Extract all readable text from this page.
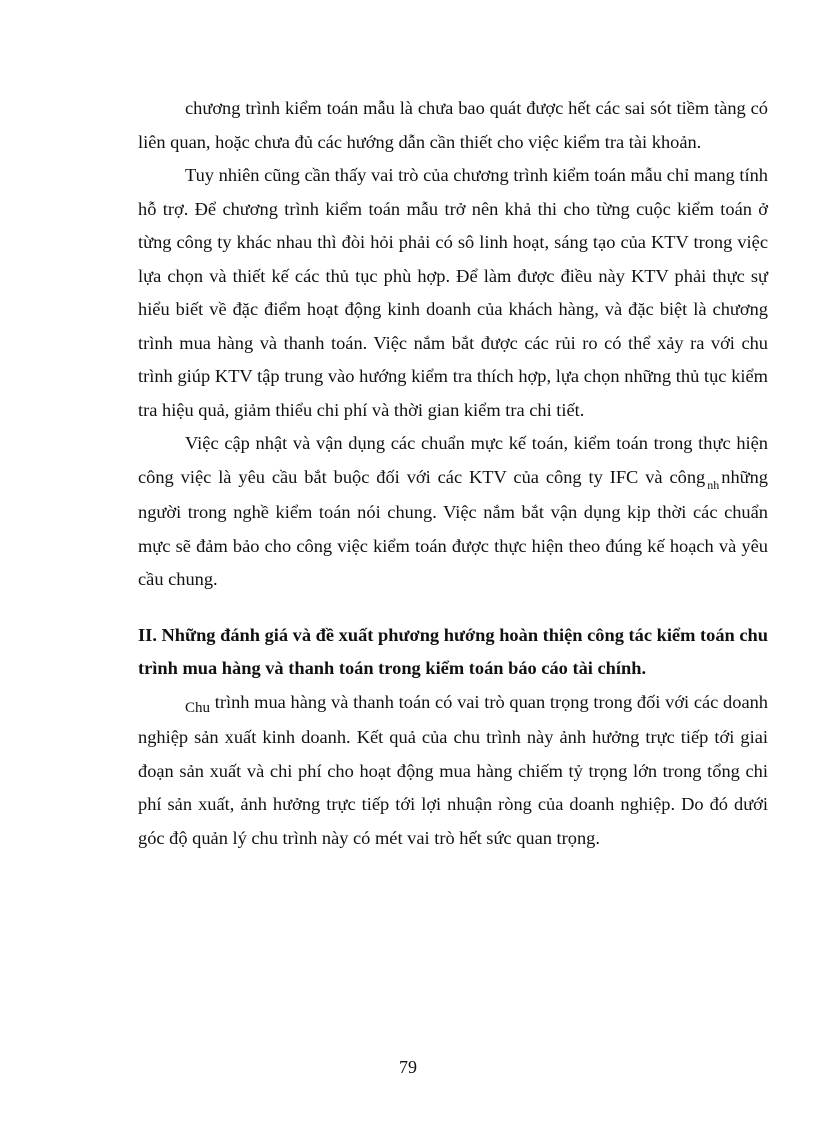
chương trình kiểm toán mẫu là chưa bao quát được hết các sai sót tiềm tàng có liên quan, hoặc chưa đủ các hướng dẫn cần thiết cho việc kiểm tra tài khoản.

Tuy nhiên cũng cần thấy vai trò của chương trình kiểm toán mẫu chỉ mang tính hỗ trợ. Để chương trình kiểm toán mẫu trở nên khả thi cho từng cuộc kiểm toán ở từng công ty khác nhau thì đòi hỏi phải có sô linh hoạt, sáng tạo của KTV trong việc lựa chọn và thiết kế các thủ tục phù hợp. Để làm được điều này KTV phải thực sự hiểu biết về đặc điểm hoạt động kinh doanh của khách hàng, và đặc biệt là chương trình mua hàng và thanh toán. Việc nắm bắt được các rủi ro có thể xảy ra với chu trình giúp KTV tập trung vào hướng kiểm tra thích hợp, lựa chọn những thủ tục kiểm tra hiệu quả, giảm thiểu chi phí và thời gian kiểm tra chi tiết.

Việc cập nhật và vận dụng các chuẩn mực kế toán, kiểm toán trong thực hiện công việc là yêu cầu bắt buộc đối với các KTV của công ty IFC và công $_{nh}$ những người trong nghề kiểm toán nói chung. Việc nắm bắt vận dụng kịp thời các chuẩn mực sẽ đảm bảo cho công việc kiểm toán được thực hiện theo đúng kế hoạch và yêu cầu chung.

II. Những đánh giá và đề xuất phương hướng hoàn thiện công tác kiểm toán chu trình mua hàng và thanh toán trong kiểm toán báo cáo tài chính.

$_{Chu}$ trình mua hàng và thanh toán có vai trò quan trọng trong đối với các doanh nghiệp sản xuất kinh doanh. Kết quả của chu trình này ảnh hưởng trực tiếp tới giai đoạn sản xuất và chi phí cho hoạt động mua hàng chiếm tỷ trọng lớn trong tổng chi phí sản xuất, ảnh hưởng trực tiếp tới lợi nhuận ròng của doanh nghiệp. Do đó dưới góc độ quản lý chu trình này có mét vai trò hết sức quan trọng.

79
